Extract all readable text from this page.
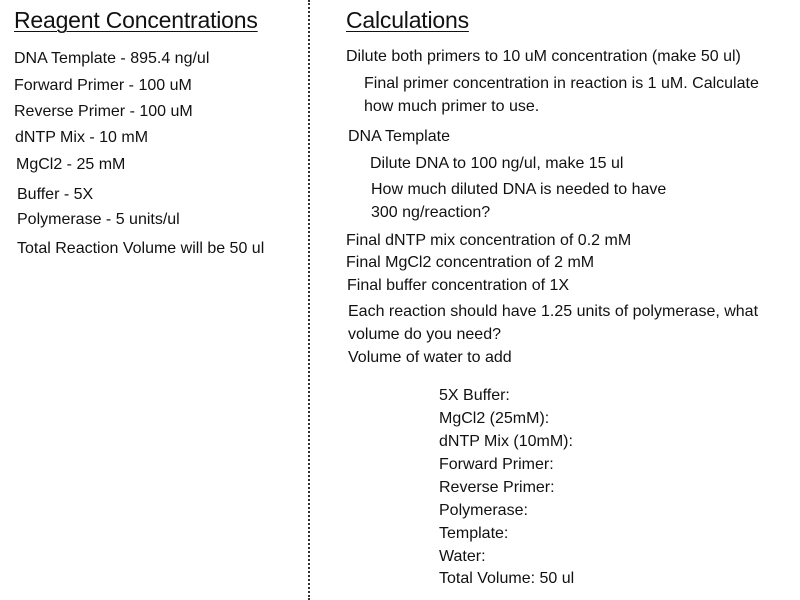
Reagent Concentrations
DNA Template - 895.4 ng/ul
Forward Primer - 100 uM
Reverse Primer - 100 uM
dNTP Mix - 10 mM
MgCl2 - 25 mM
Buffer - 5X
Polymerase - 5 units/ul
Total Reaction Volume will be 50 ul
Calculations
Dilute both primers to 10 uM concentration (make 50 ul)
Final primer concentration in reaction is 1 uM. Calculate
how much primer to use.
DNA Template
Dilute DNA to 100 ng/ul, make 15 ul
How much diluted DNA is needed to have
300 ng/reaction?
Final dNTP mix concentration of 0.2 mM
Final MgCl2 concentration of 2 mM
Final buffer concentration of 1X
Each reaction should have 1.25 units of polymerase, what
volume do you need?
Volume of water to add
5X Buffer:
MgCl2 (25mM):
dNTP Mix (10mM):
Forward Primer:
Reverse Primer:
Polymerase:
Template:
Water:
Total Volume: 50 ul
